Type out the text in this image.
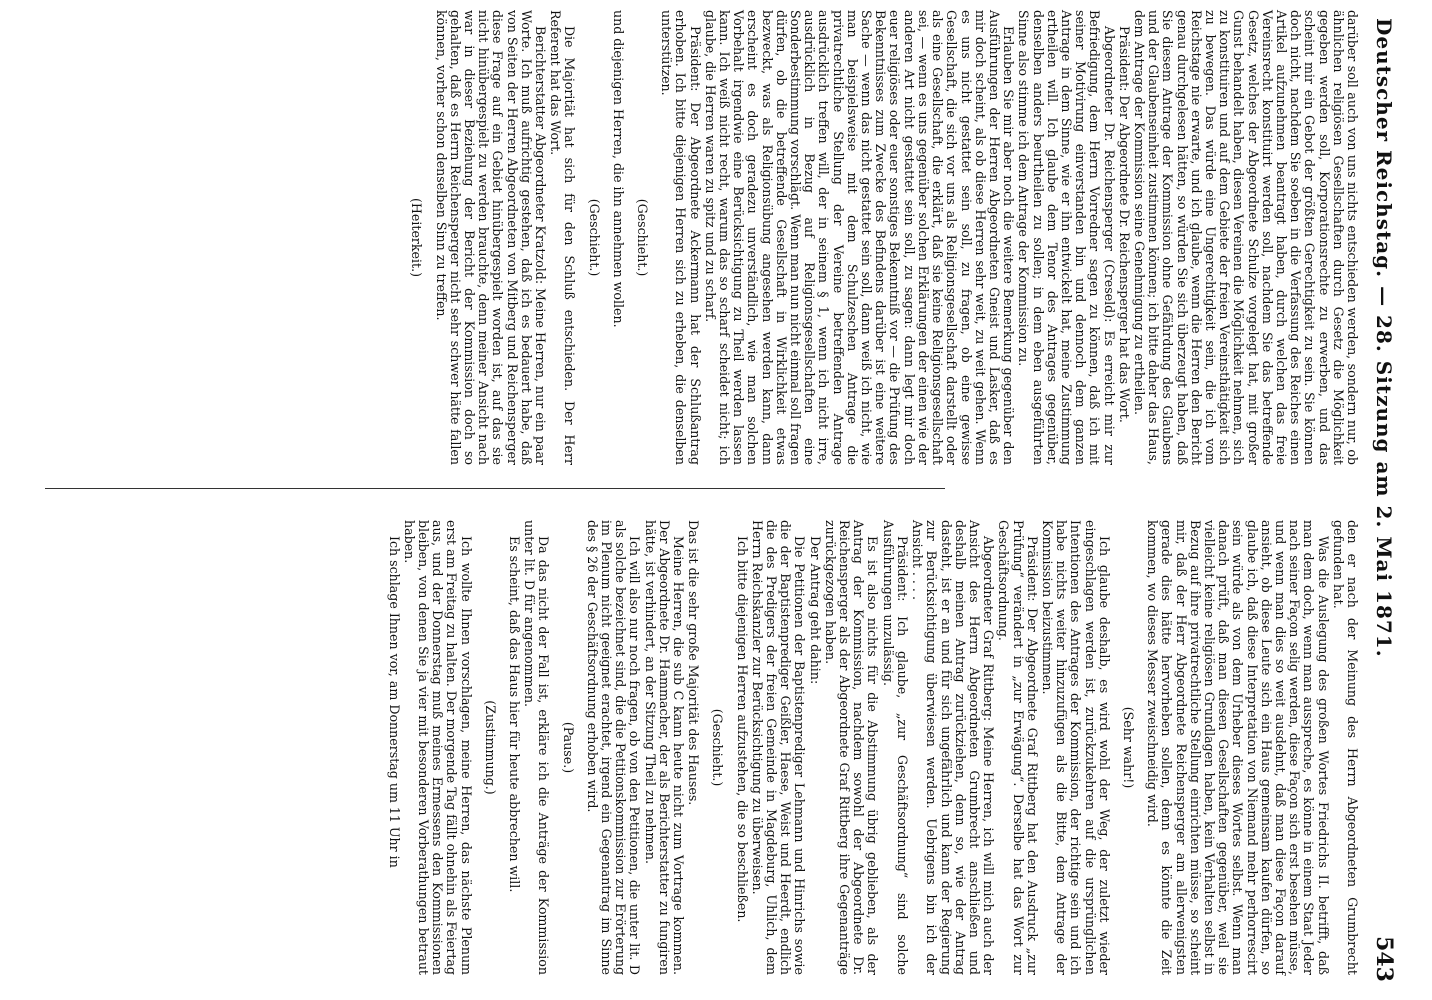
Deutscher Reichstag. — 28. Sitzung am 2. Mai 1871.
543

darüber soll auch von uns nichts entschieden werden, sondern nur, ob ähnlichen religiösen Gesellschaften durch Gesetz die Möglichkeit gegeben werden soll, Korporationsrechte zu erwerben, und das scheint mir ein Gebot der größten Gerechtigkeit zu sein. Sie können doch nicht, nachdem Sie soeben in die Verfassung des Reiches einen Artikel aufzunehmen beantragt haben, durch welchen das freie Vereinsrecht konstituirt werden soll, nachdem Sie das betreffende Gesetz, welches der Abgeordnete Schulze vorgelegt hat, mit großer Gunst behandelt haben, diesen Vereinen die Möglichkeit nehmen, sich zu konstituiren und auf dem Gebiete der freien Vereinsthätigkeit sich zu bewegen. Das würde eine Ungerechtigkeit sein, die ich vom Reichstage nie erwarte, und ich glaube, wenn die Herren den Bericht genau durchgelesen hätten, so würden Sie sich überzeugt haben, daß Sie diesem Antrage der Kommission ohne Gefährdung des Glaubens und der Glaubenseinheit zustimmen können; ich bitte daher das Haus, dem Antrage der Kommission seine Genehmigung zu ertheilen.

Präsident: Der Abgeordnete Dr. Reichensperger hat das Wort.

Abgeordneter Dr. Reichensperger (Creseld): Es erreicht mir zur Befriedigung, dem Herrn Vorredner sagen zu können, daß ich mit seiner Motivirung einverstanden bin und dennoch dem ganzen Antrage in dem Sinne, wie er ihn entwickelt hat, meine Zustimmung ertheilen will. Ich glaube dem Tenor des Antrages gegenüber, denselben anders beurtheilen zu sollen; in dem eben ausgeführten Sinne also stimme ich dem Antrage der Kommission zu.

Erlauben Sie mir aber noch die weitere Bemerkung gegenüber den Ausführungen der Herren Abgeordneten Gneist und Lasker, daß es mir doch scheint, als ob diese Herren sehr weit, zu weit gehen. Wenn es uns nicht gestattet sein soll, zu fragen, ob eine gewisse Gesellschaft, die sich vor uns als Religionsgesellschaft darstellt oder als eine Gesellschaft, die erklärt, daß sie keine Religionsgesellschaft sei, — wenn es uns gegenüber solchen Erklärungen der einen wie der anderen Art nicht gestattet sein soll, zu sagen: dann legt mir doch euer religiöses oder euer sonstiges Bekenntniß vor — die Prüfung des Bekenntnisses zum Zwecke des Befindens darüber ist eine weitere Sache — wenn das nicht gestattet sein soll, dann weiß ich nicht, wie man beispielsweise mit dem Schulzeschen Antrage die privatrechtliche Stellung der Vereine betreffenden Antrage ausdrücklich treffen will, der in seinem § 1, wenn ich nicht irre, ausdrücklich in Bezug auf Religionsgesellschaften eine Sonderbestimmung vorschlägt. Wenn man nun nicht einmal soll fragen dürfen, ob die betreffende Gesellschaft in Wirklichkeit etwas bezweckt, was als Religionsübung angesehen werden kann, dann erscheint es doch geradezu unverständlich, wie man solchen Vorbehalt irgendwie eine Berücksichtigung zu Theil werden lassen kann. Ich weiß nicht recht, warum das so scharf scheidet nicht; ich glaube, die Herren waren zu spitz und zu scharf.

Präsident: Der Abgeordnete Ackermann hat der Schlußantrag erhoben. Ich bitte diejenigen Herren sich zu erheben, die denselben unterstützen.

(Geschieht.)

und diejenigen Herren, die ihn annehmen wollen.

(Geschieht.)

Die Majorität hat sich für den Schluß entschieden. Der Herr Referent hat das Wort.

Berichterstatter Abgeordneter Kratzold: Meine Herren, nur ein paar Worte. Ich muß aufrichtig gestehen, daß ich es bedauert habe, daß von Seiten der Herren Abgeordneten von Mitberg und Reichensperger diese Frage auf ein Gebiet hinübergespielt worden ist, auf das sie nicht hinübergespielt zu werden brauchte, denn meiner Ansicht nach war in dieser Beziehung der Bericht der Kommission doch so gehalten, daß es Herrn Reichensperger nicht sehr schwer hätte fallen können, vorher schon denselben Sinn zu treffen.

(Heiterkeit.)

den er nach der Meinung des Herrn Abgeordneten Grumbrecht gefunden hat.

Was die Auslegung des großen Wortes Friedrichs II. betrifft, daß man dem doch, wenn man ausspreche, es könne in einem Staat Jeder nach seiner Façon selig werden, diese Façon sich erst besehen müsse, und wenn man dies so weit ausdehnt, daß man diese Façon darauf ansieht, ob diese Leute sich ein Haus gemeinsam kaufen dürfen, so glaube ich, daß diese Interpretation von Niemand mehr perhorrescirt sein würde als von dem Urheber dieses Wortes selbst. Wenn man danach prüft, daß man diesen Gesellschaften gegenüber, weil sie vielleicht keine religiösen Grundlagen haben, kein Verhalten selbst in Bezug auf ihre privatrechtliche Stellung einrichten müsse, so scheint mir, daß der Herr Abgeordnete Reichensperger am allerwenigsten gerade dies hätte hervorheben sollen, denn es könnte die Zeit kommen, wo dieses Messer zweischneidig wird.

(Sehr wahr!)

Ich glaube deshalb, es wird wohl der Weg, der zuletzt wieder eingeschlagen werden ist, zurückzukehren auf die ursprünglichen Intentionen des Antrages der Kommission, der richtige sein und ich habe nichts weiter hinzuzufügen als die Bitte, dem Antrage der Kommission beizustimmen.

Präsident: Der Abgeordnete Graf Rittberg hat den Ausdruck „zur Prüfung“ verändert in „zur Erwägung“. Derselbe hat das Wort zur Geschäftsordnung.

Abgeordneter Graf Rittberg: Meine Herren, ich will mich auch der Ansicht des Herrn Abgeordneten Grumbrecht anschließen und deshalb meinen Antrag zurückziehen, denn so, wie der Antrag dasteht, ist er an und für sich ungefährlich und kann der Regierung zur Berücksichtigung überwiesen werden. Uebrigens bin ich der Ansicht . . . .

Präsident: Ich glaube, „zur Geschäftsordnung“ sind solche Ausführungen unzulässig.

Es ist also nichts für die Abstimmung übrig geblieben, als der Antrag der Kommission, nachdem sowohl der Abgeordnete Dr. Reichensperger als der Abgeordnete Graf Rittberg ihre Gegenanträge zurückgezogen haben.

Der Antrag geht dahin:

Die Petitionen der Baptistenprediger Lehmann und Hinrichs sowie die der Baptistenprediger Geißler, Haese, Weist und Heerdt, endlich die des Predigers der freien Gemeinde in Magdeburg, Uhlich, dem Herrn Reichskanzler zur Berücksichtigung zu überweisen.

Ich bitte diejenigen Herren aufzustehen, die so beschließen.

(Geschieht.)

Das ist die sehr große Majorität des Hauses.

Meine Herren, die sub C kann heute nicht zum Vortrage kommen. Der Abgeordnete Dr. Hammacher, der als Berichterstatter zu fungiren hätte, ist verhindert, an der Sitzung Theil zu nehmen.

Ich will also nur noch fragen, ob von den Petitionen, die unter lit. D als solche bezeichnet sind, die die Petitionskommission zur Erörterung im Plenum nicht geeignet erachtet, irgend ein Gegenantrag im Sinne des § 26 der Geschäftsordnung erhoben wird.

(Pause.)

Da das nicht der Fall ist, erkläre ich die Anträge der Kommission unter lit. D für angenommen.

Es scheint, daß das Haus hier für heute abbrechen will.

(Zustimmung.)

Ich wollte Ihnen vorschlagen, meine Herren, das nächste Plenum erst am Freitag zu halten. Der morgende Tag fällt ohnehin als Feiertag aus, und der Donnerstag muß meines Ermessens den Kommissionen bleiben, von denen Sie ja vier mit besonderen Vorberathungen betraut haben.

Ich schlage Ihnen vor, am Donnerstag um 11 Uhr in
